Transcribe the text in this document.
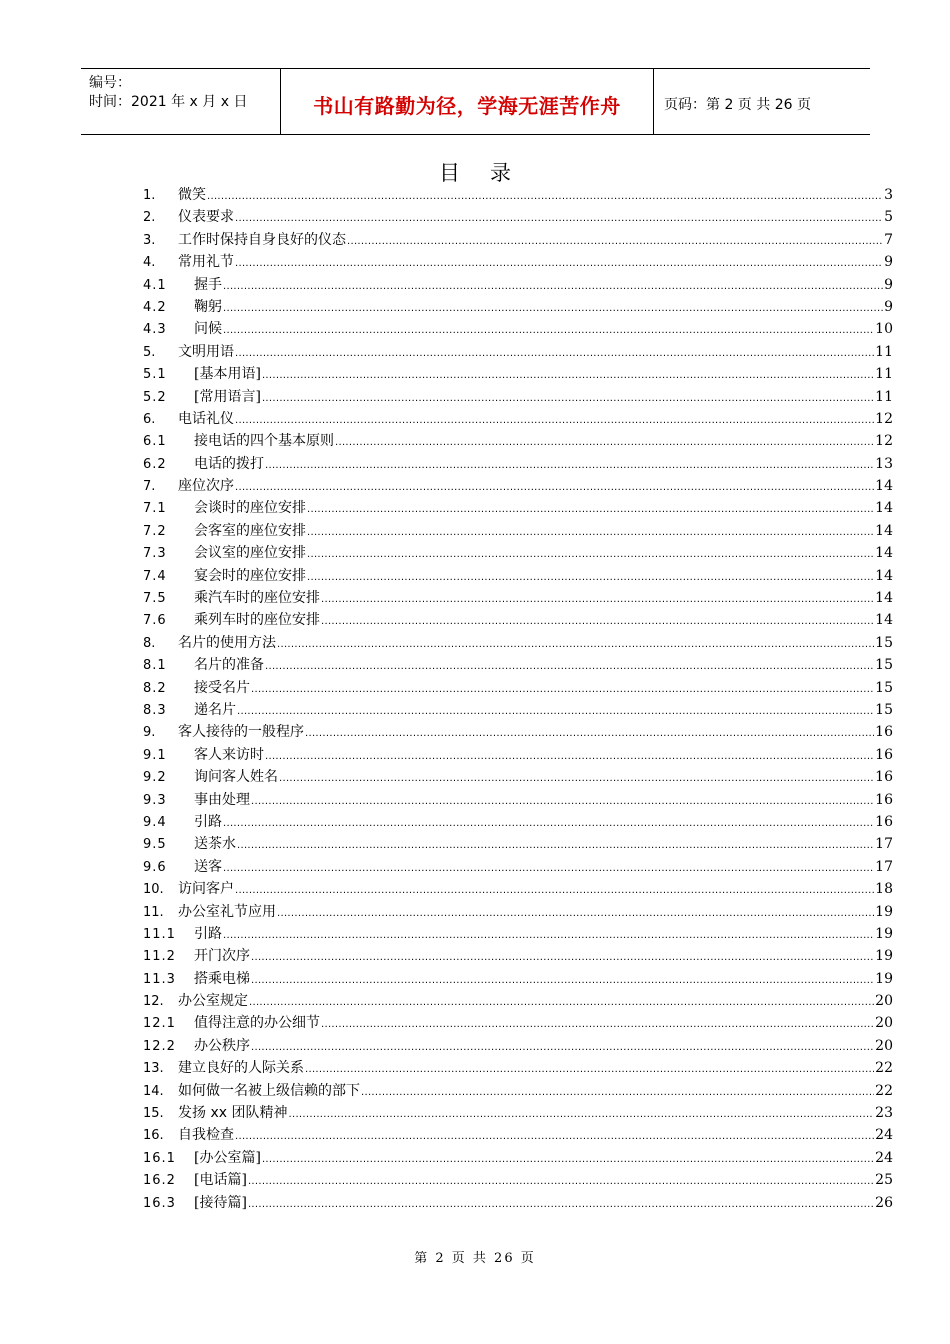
编号：
时间：2021 年 x 月 x 日	书山有路勤为径，学海无涯苦作舟	页码：第 2 页 共 26 页
目录
1.	微笑 .....	3
2.	仪表要求 .....	5
3.	工作时保持自身良好的仪态 .....	7
4.	常用礼节 .....	9
4.1	握手 .....	9
4.2	鞠躬 .....	9
4.3	问候 .....	10
5.	文明用语 .....	11
5.1	[基本用语] .....	11
5.2	[常用语言] .....	11
6.	电话礼仪 .....	12
6.1	接电话的四个基本原则 .....	12
6.2	电话的拨打 .....	13
7.	座位次序 .....	14
7.1	会谈时的座位安排 .....	14
7.2	会客室的座位安排 .....	14
7.3	会议室的座位安排 .....	14
7.4	宴会时的座位安排 .....	14
7.5	乘汽车时的座位安排 .....	14
7.6	乘列车时的座位安排 .....	14
8.	名片的使用方法 .....	15
8.1	名片的准备 .....	15
8.2	接受名片 .....	15
8.3	递名片 .....	15
9.	客人接待的一般程序 .....	16
9.1	客人来访时 .....	16
9.2	询问客人姓名 .....	16
9.3	事由处理 .....	16
9.4	引路 .....	16
9.5	送茶水 .....	17
9.6	送客 .....	17
10.	访问客户 .....	18
11.	办公室礼节应用 .....	19
11.1	引路 .....	19
11.2	开门次序 .....	19
11.3	搭乘电梯 .....	19
12.	办公室规定 .....	20
12.1	值得注意的办公细节 .....	20
12.2	办公秩序 .....	20
13.	建立良好的人际关系 .....	22
14.	如何做一名被上级信赖的部下 .....	22
15.	发扬 xx 团队精神 .....	23
16.	自我检查 .....	24
16.1	[办公室篇] .....	24
16.2	[电话篇] .....	25
16.3	[接待篇] .....	26
第 2 页 共 26 页
